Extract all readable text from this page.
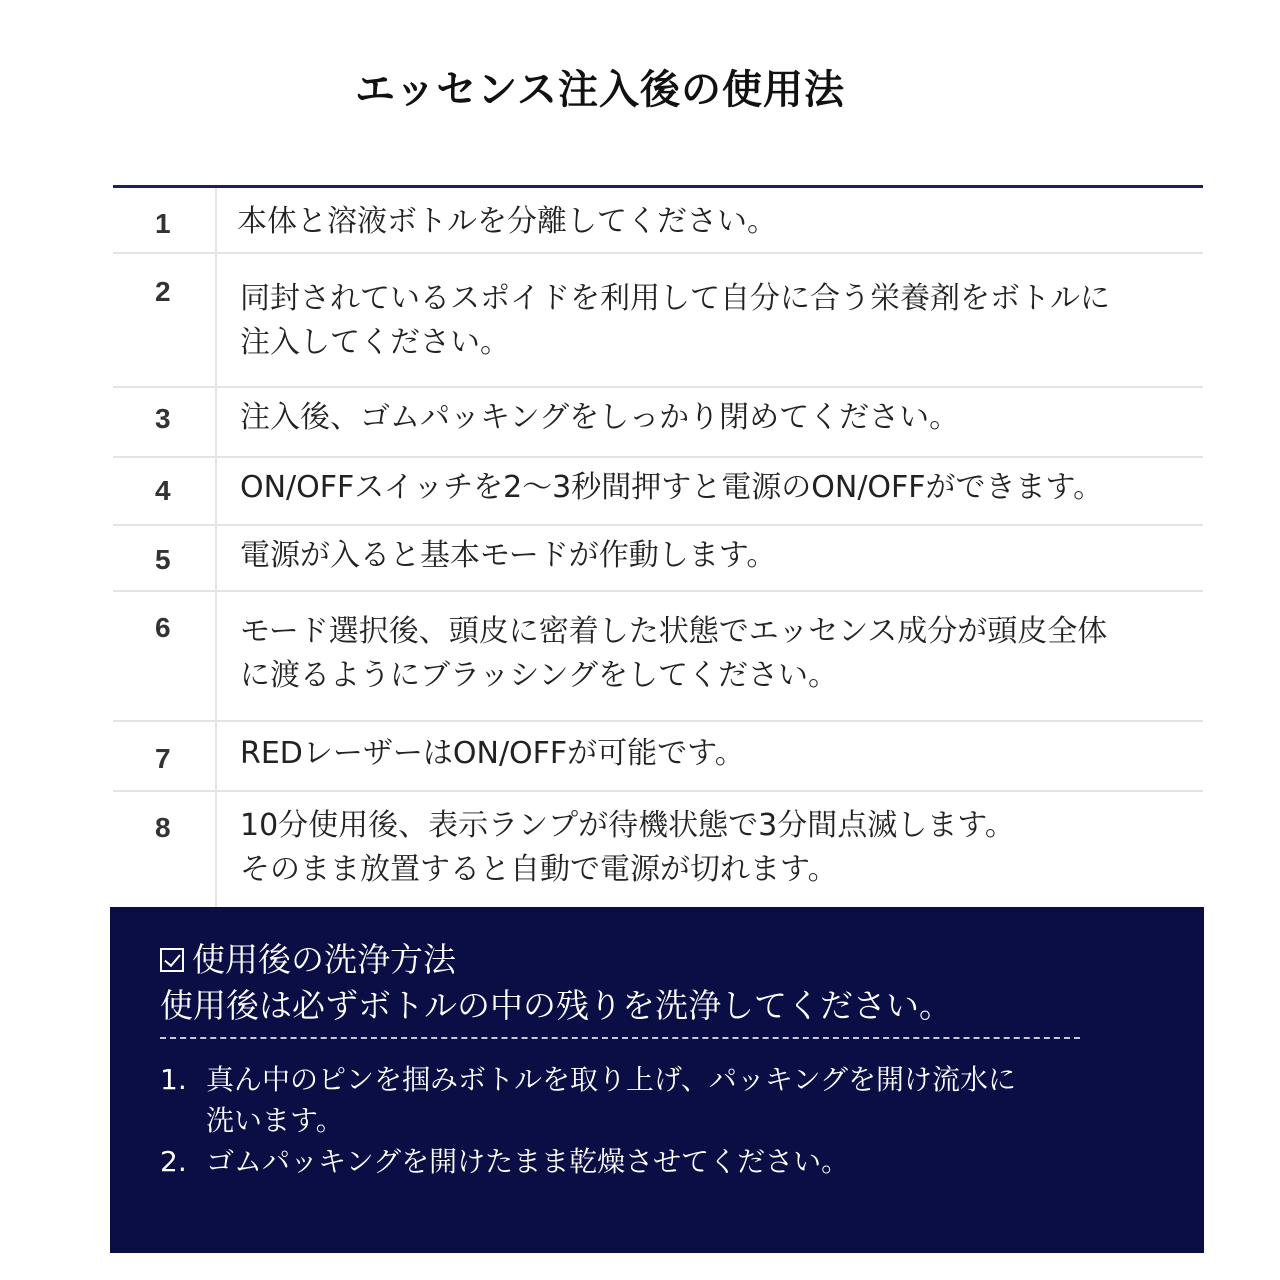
エッセンス注入後の使用法
1	本体と溶液ボトルを分離してください。
2	同封されているスポイドを利用して自分に合う栄養剤をボトルに
注入してください。
3	注入後、ゴムパッキングをしっかり閉めてください。
4	ON/OFFスイッチを2〜3秒間押すと電源のON/OFFができます。
5	電源が入ると基本モードが作動します。
6	モード選択後、頭皮に密着した状態でエッセンス成分が頭皮全体
に渡るようにブラッシングをしてください。
7	REDレーザーはON/OFFが可能です。
8	10分使用後、表示ランプが待機状態で3分間点滅します。
そのまま放置すると自動で電源が切れます。
使用後の洗浄方法
使用後は必ずボトルの中の残りを洗浄してください。
1. 真ん中のピンを掴みボトルを取り上げ、パッキングを開け流水に
洗います。
2. ゴムパッキングを開けたまま乾燥させてください。
